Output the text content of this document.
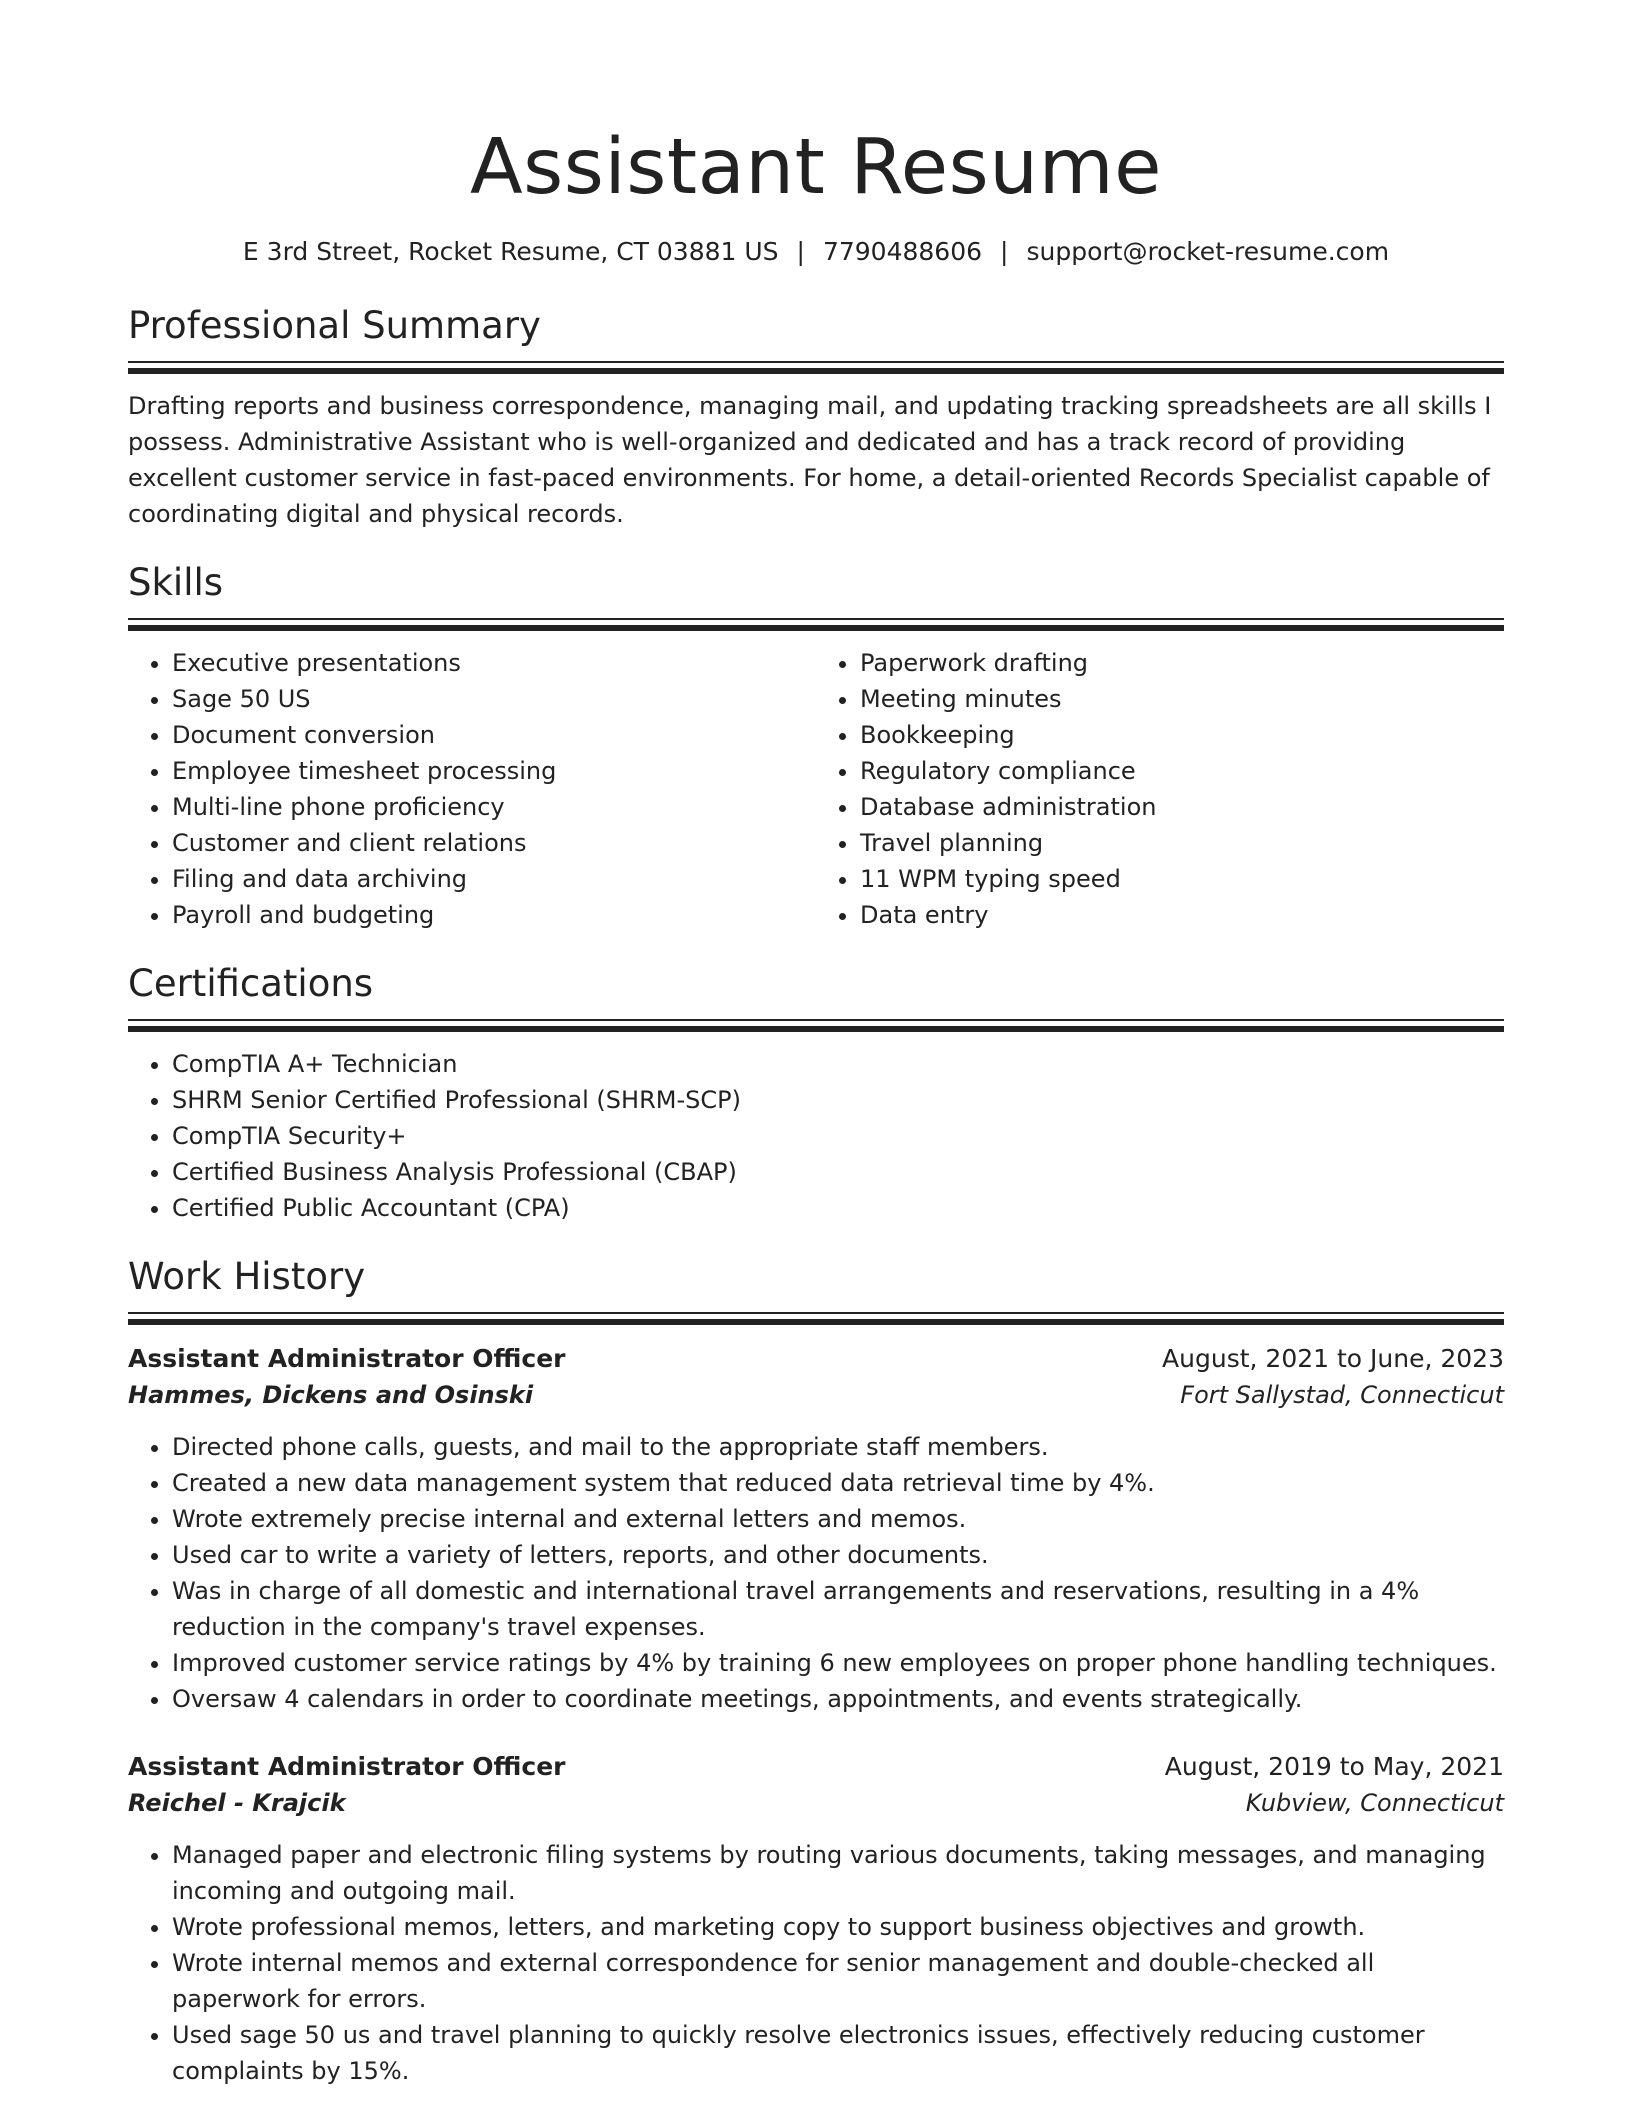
Assistant Resume
E 3rd Street, Rocket Resume, CT 03881 US | 7790488606 | support@rocket-resume.com
Professional Summary

Drafting reports and business correspondence, managing mail, and updating tracking spreadsheets are all skills I possess. Administrative Assistant who is well-organized and dedicated and has a track record of providing excellent customer service in fast-paced environments. For home, a detail-oriented Records Specialist capable of coordinating digital and physical records.

Skills
• Executive presentations
• Sage 50 US
• Document conversion
• Employee timesheet processing
• Multi-line phone proficiency
• Customer and client relations
• Filing and data archiving
• Payroll and budgeting
• Paperwork drafting
• Meeting minutes
• Bookkeeping
• Regulatory compliance
• Database administration
• Travel planning
• 11 WPM typing speed
• Data entry
Certifications
• CompTIA A+ Technician
• SHRM Senior Certified Professional (SHRM-SCP)
• CompTIA Security+
• Certified Business Analysis Professional (CBAP)
• Certified Public Accountant (CPA)
Work History
Assistant Administrator Officer	August, 2021 to June, 2023
Hammes, Dickens and Osinski	Fort Sallystad, Connecticut
• Directed phone calls, guests, and mail to the appropriate staff members.
• Created a new data management system that reduced data retrieval time by 4%.
• Wrote extremely precise internal and external letters and memos.
• Used car to write a variety of letters, reports, and other documents.
• Was in charge of all domestic and international travel arrangements and reservations, resulting in a 4% reduction in the company's travel expenses.
• Improved customer service ratings by 4% by training 6 new employees on proper phone handling techniques.
• Oversaw 4 calendars in order to coordinate meetings, appointments, and events strategically.
Assistant Administrator Officer	August, 2019 to May, 2021
Reichel - Krajcik	Kubview, Connecticut
• Managed paper and electronic filing systems by routing various documents, taking messages, and managing incoming and outgoing mail.
• Wrote professional memos, letters, and marketing copy to support business objectives and growth.
• Wrote internal memos and external correspondence for senior management and double-checked all paperwork for errors.
• Used sage 50 us and travel planning to quickly resolve electronics issues, effectively reducing customer complaints by 15%.
